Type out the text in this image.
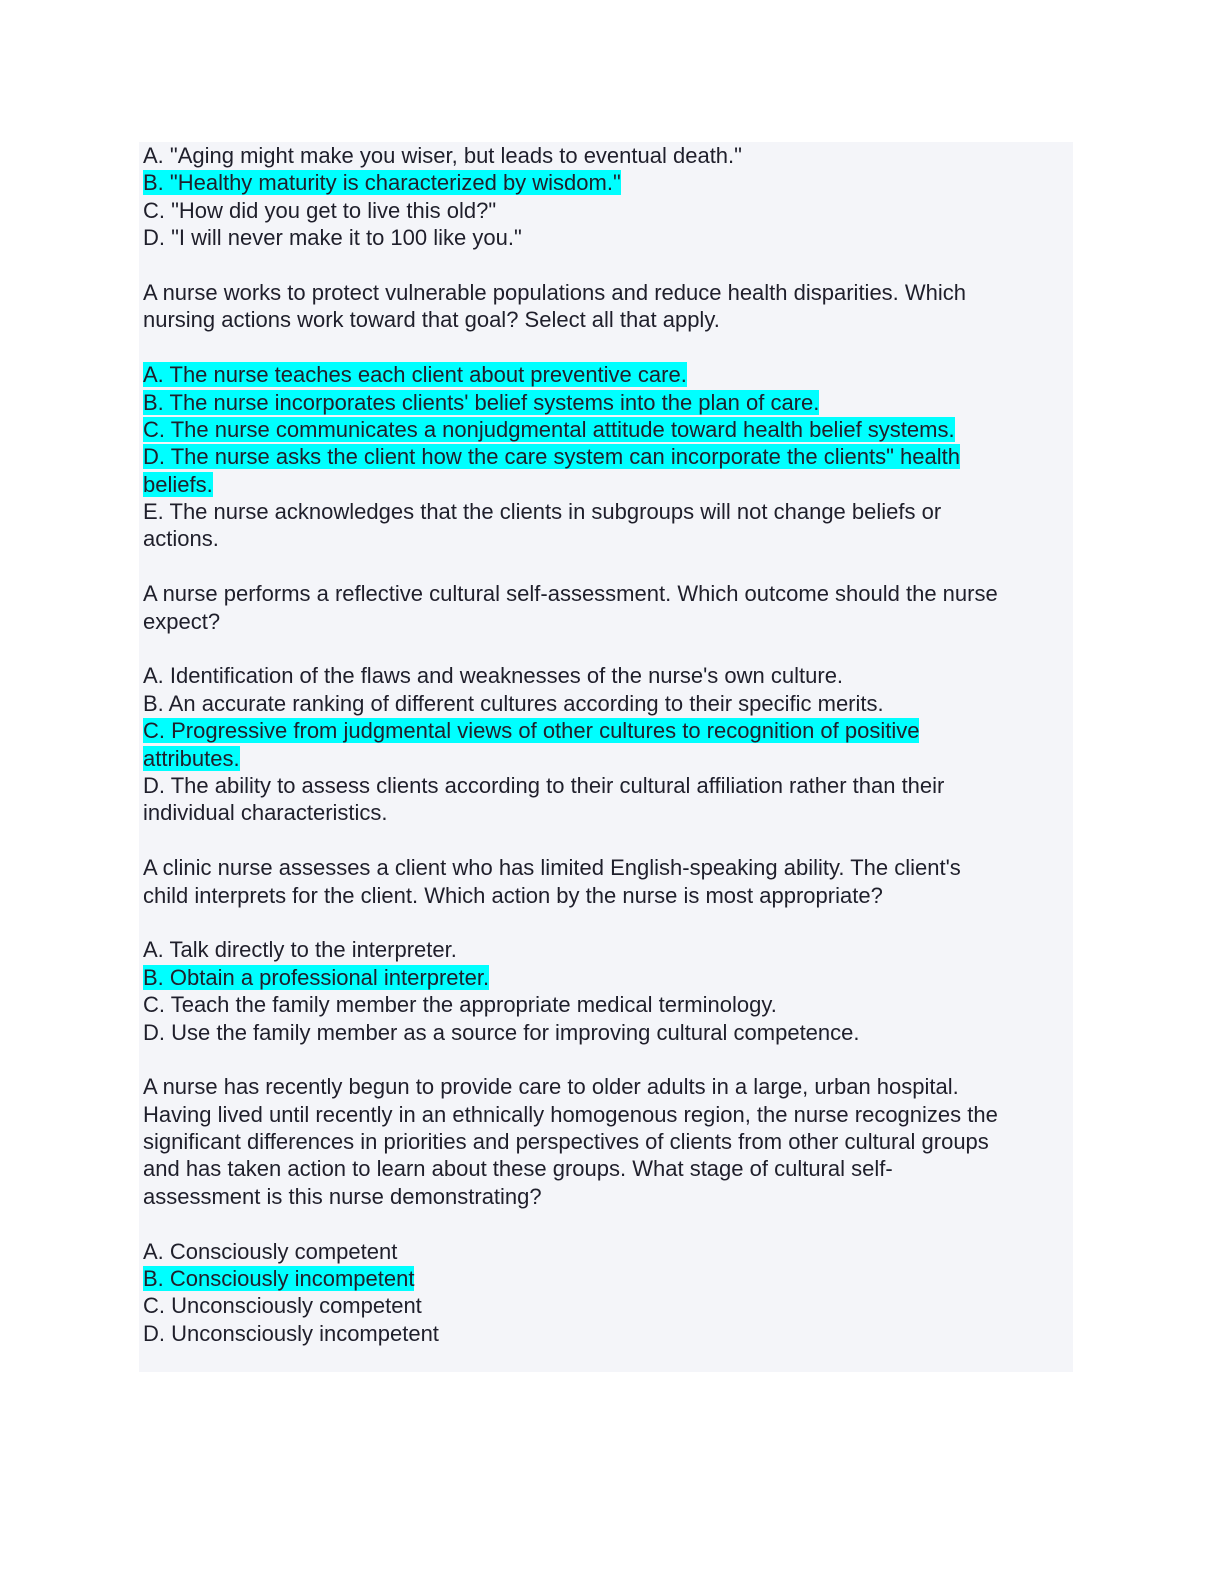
A. "Aging might make you wiser, but leads to eventual death."
B. "Healthy maturity is characterized by wisdom."
C. "How did you get to live this old?"
D. "I will never make it to 100 like you."
A nurse works to protect vulnerable populations and reduce health disparities. Which
nursing actions work toward that goal? Select all that apply.
A. The nurse teaches each client about preventive care.
B. The nurse incorporates clients' belief systems into the plan of care.
C. The nurse communicates a nonjudgmental attitude toward health belief systems.
D. The nurse asks the client how the care system can incorporate the clients" health
beliefs.
E. The nurse acknowledges that the clients in subgroups will not change beliefs or
actions.
A nurse performs a reflective cultural self-assessment. Which outcome should the nurse
expect?
A. Identification of the flaws and weaknesses of the nurse's own culture.
B. An accurate ranking of different cultures according to their specific merits.
C. Progressive from judgmental views of other cultures to recognition of positive
attributes.
D. The ability to assess clients according to their cultural affiliation rather than their
individual characteristics.
A clinic nurse assesses a client who has limited English-speaking ability. The client's
child interprets for the client. Which action by the nurse is most appropriate?
A. Talk directly to the interpreter.
B. Obtain a professional interpreter.
C. Teach the family member the appropriate medical terminology.
D. Use the family member as a source for improving cultural competence.
A nurse has recently begun to provide care to older adults in a large, urban hospital.
Having lived until recently in an ethnically homogenous region, the nurse recognizes the
significant differences in priorities and perspectives of clients from other cultural groups
and has taken action to learn about these groups. What stage of cultural self-
assessment is this nurse demonstrating?
A. Consciously competent
B. Consciously incompetent
C. Unconsciously competent
D. Unconsciously incompetent
